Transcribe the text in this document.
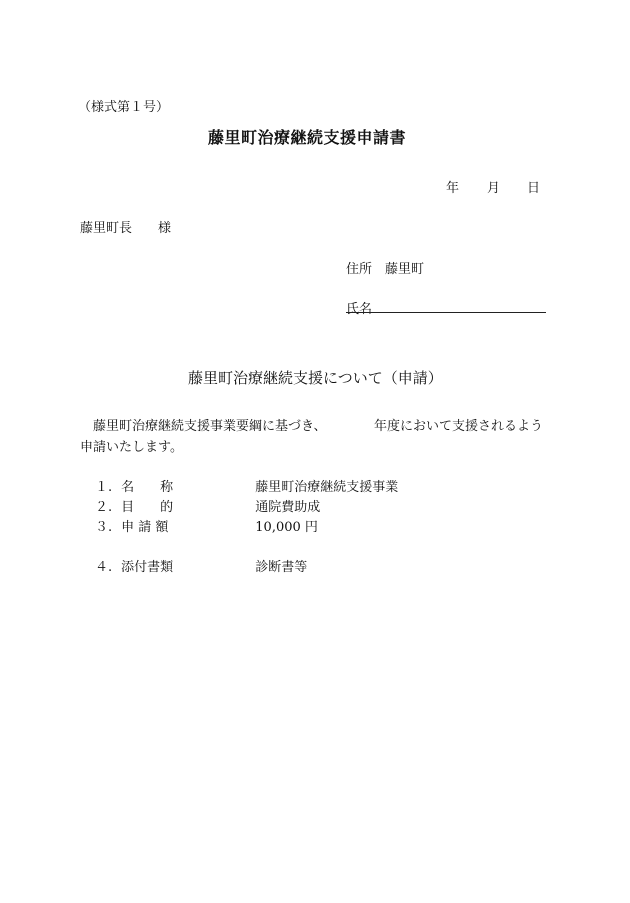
（様式第１号）
藤里町治療継続支援申請書
年 月 日
藤里町長　　様
住所 藤里町
氏名
藤里町治療継続支援について（申請）
藤里町治療継続支援事業要綱に基づき、	年度において支援されるよう
申請いたします。
１. 名　　称	藤里町治療継続支援事業
２. 目　　的	通院費助成
３. 申 請 額	10,000 円
４. 添付書類	診断書等
